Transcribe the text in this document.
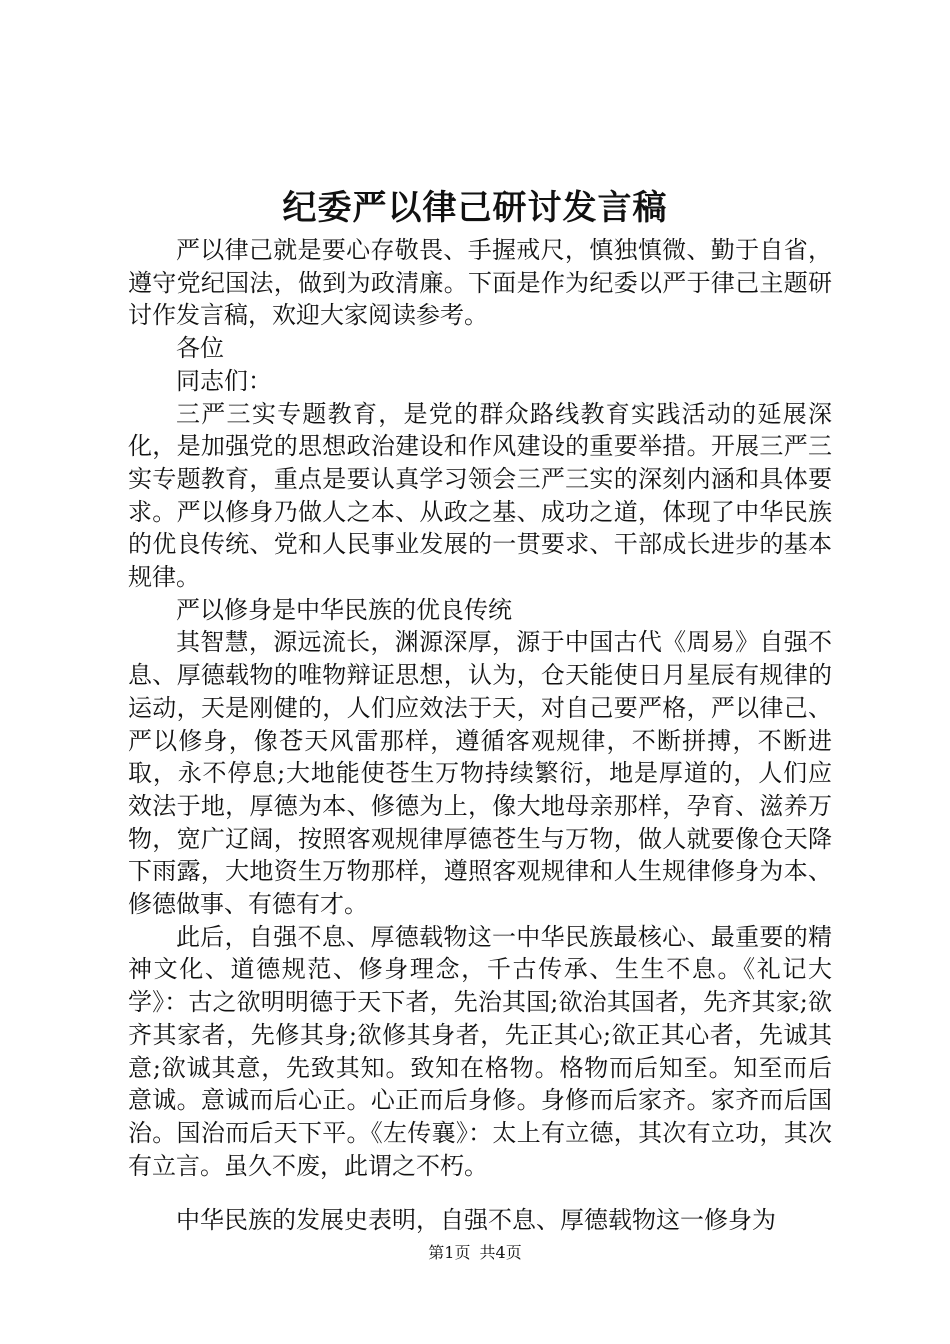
纪委严以律己研讨发言稿

严以律己就是要心存敬畏、手握戒尺，慎独慎微、勤于自省，遵守党纪国法，做到为政清廉。下面是作为纪委以严于律己主题研讨作发言稿，欢迎大家阅读参考。

各位

同志们：

三严三实专题教育，是党的群众路线教育实践活动的延展深化，是加强党的思想政治建设和作风建设的重要举措。开展三严三实专题教育，重点是要认真学习领会三严三实的深刻内涵和具体要求。严以修身乃做人之本、从政之基、成功之道，体现了中华民族的优良传统、党和人民事业发展的一贯要求、干部成长进步的基本规律。

严以修身是中华民族的优良传统

其智慧，源远流长，渊源深厚，源于中国古代《周易》自强不息、厚德载物的唯物辩证思想，认为，仓天能使日月星辰有规律的运动，天是刚健的，人们应效法于天，对自己要严格，严以律己、严以修身，像苍天风雷那样，遵循客观规律，不断拼搏，不断进取，永不停息;大地能使苍生万物持续繁衍，地是厚道的，人们应效法于地，厚德为本、修德为上，像大地母亲那样，孕育、滋养万物，宽广辽阔，按照客观规律厚德苍生与万物，做人就要像仓天降下雨露，大地资生万物那样，遵照客观规律和人生规律修身为本、修德做事、有德有才。

此后，自强不息、厚德载物这一中华民族最核心、最重要的精神文化、道德规范、修身理念，千古传承、生生不息。《礼记大学》：古之欲明明德于天下者，先治其国;欲治其国者，先齐其家;欲齐其家者，先修其身;欲修其身者，先正其心;欲正其心者，先诚其意;欲诚其意，先致其知。致知在格物。格物而后知至。知至而后意诚。意诚而后心正。心正而后身修。身修而后家齐。家齐而后国治。国治而后天下平。《左传襄》：太上有立德，其次有立功，其次有立言。虽久不废，此谓之不朽。

中华民族的发展史表明，自强不息、厚德载物这一修身为

第1页 共4页
